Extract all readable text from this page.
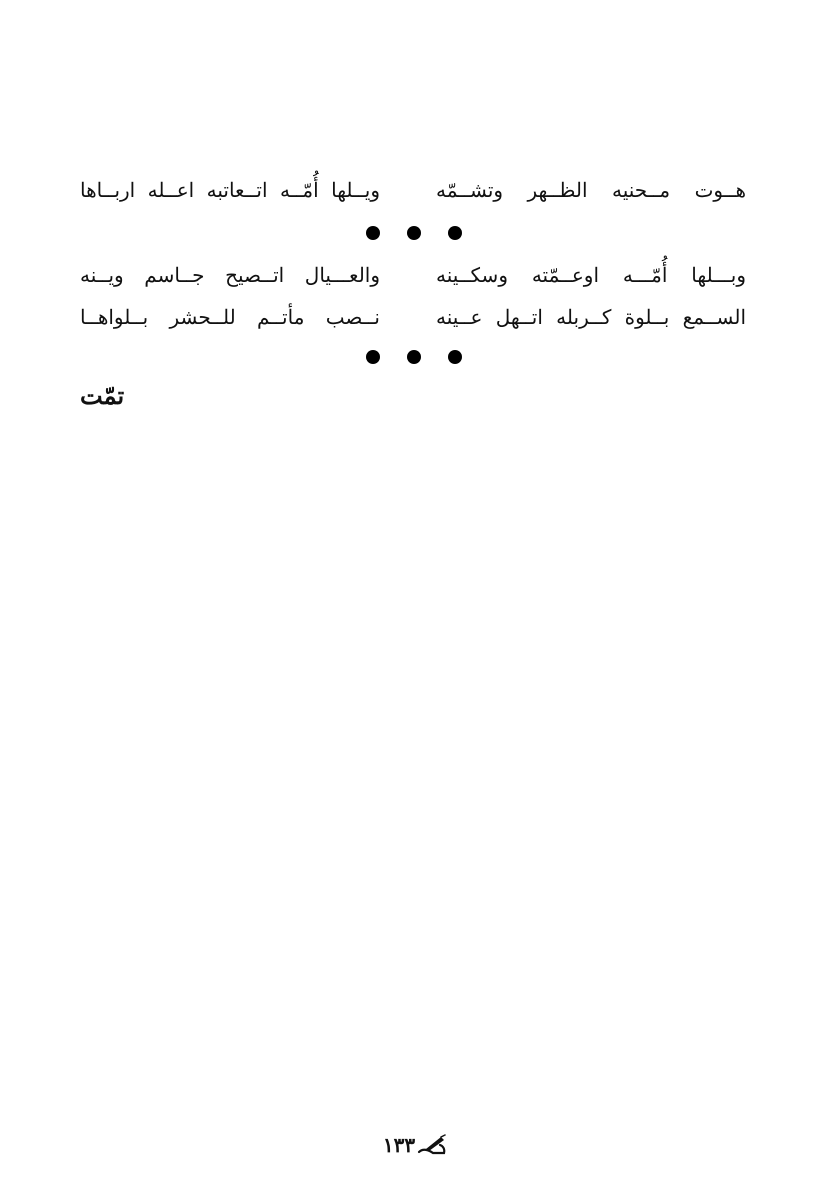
هــوت مــحنيه الظــهر وتشــمّه
ويــلها أُمّــه اتــعاتبه اعــله اربــاها
وبـــلها أُمّـــه اوعــمّته وسكــينه
والعـــيال اتــصيح جــاسم ويــنه
الســمع بــلوة كــربله اتــهل عــينه
نــصب مأتــم للــحشر بــلواهــا
تمّت
١٣٣
